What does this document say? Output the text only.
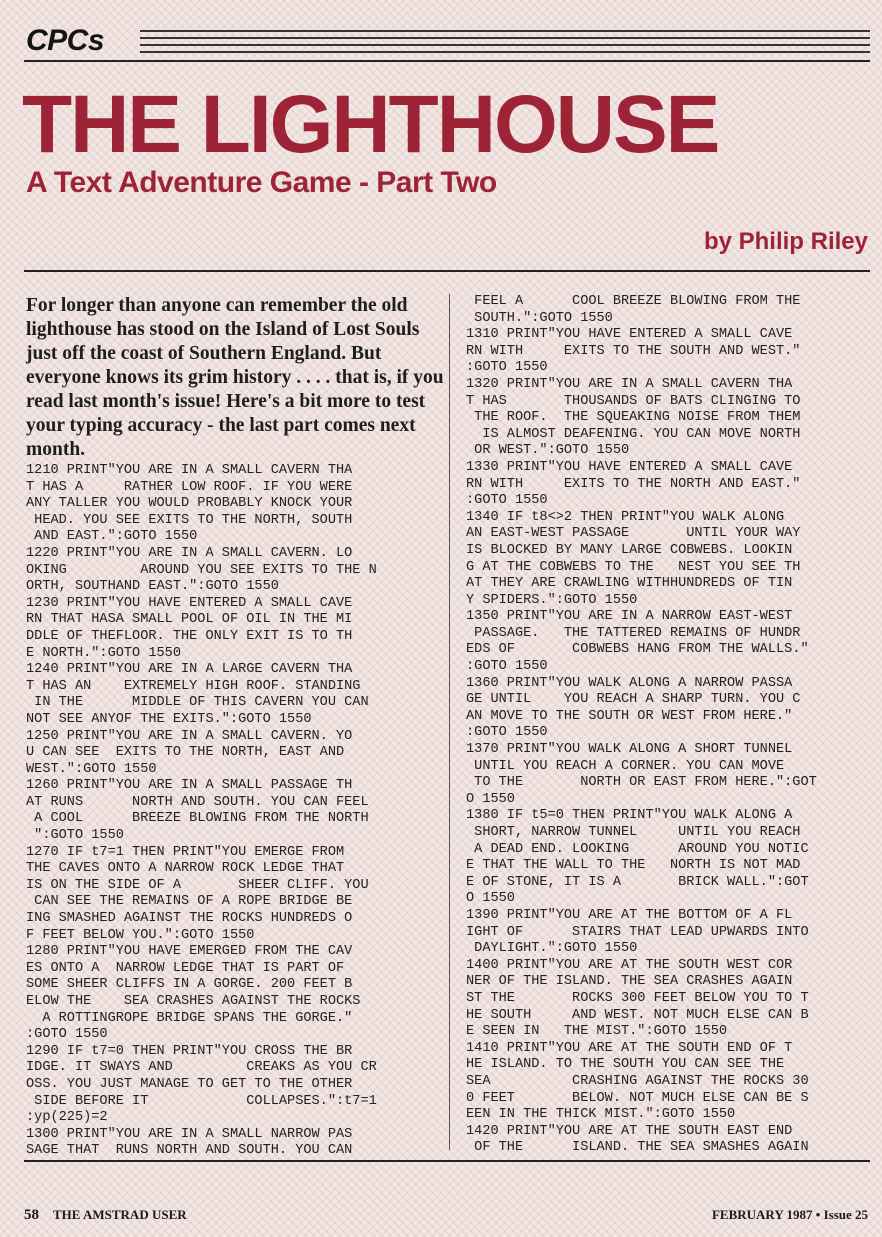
CPCs
THE LIGHTHOUSE
A Text Adventure Game - Part Two
by Philip Riley

For longer than anyone can remember the old lighthouse has stood on the Island of Lost Souls just off the coast of Southern England. But everyone knows its grim history . . . . that is, if you read last month's issue! Here's a bit more to test your typing accuracy - the last part comes next month.

1210 PRINT"YOU ARE IN A SMALL CAVERN THA
T HAS A     RATHER LOW ROOF. IF YOU WERE
ANY TALLER YOU WOULD PROBABLY KNOCK YOUR
HEAD. YOU SEE EXITS TO THE NORTH, SOUTH
AND EAST.":GOTO 1550
1220 PRINT"YOU ARE IN A SMALL CAVERN. LO
OKING         AROUND YOU SEE EXITS TO THE N
ORTH, SOUTHAND EAST.":GOTO 1550
1230 PRINT"YOU HAVE ENTERED A SMALL CAVE
RN THAT HASA SMALL POOL OF OIL IN THE MI
DDLE OF THEFLOOR. THE ONLY EXIT IS TO TH
E NORTH.":GOTO 1550
1240 PRINT"YOU ARE IN A LARGE CAVERN THA
T HAS AN    EXTREMELY HIGH ROOF. STANDING
IN THE      MIDDLE OF THIS CAVERN YOU CAN
NOT SEE ANYOF THE EXITS.":GOTO 1550
1250 PRINT"YOU ARE IN A SMALL CAVERN. YO
U CAN SEE  EXITS TO THE NORTH, EAST AND
WEST.":GOTO 1550
1260 PRINT"YOU ARE IN A SMALL PASSAGE TH
AT RUNS      NORTH AND SOUTH. YOU CAN FEEL
A COOL      BREEZE BLOWING FROM THE NORTH
":GOTO 1550
1270 IF t7=1 THEN PRINT"YOU EMERGE FROM
THE CAVES ONTO A NARROW ROCK LEDGE THAT
IS ON THE SIDE OF A       SHEER CLIFF. YOU
CAN SEE THE REMAINS OF A ROPE BRIDGE BE
ING SMASHED AGAINST THE ROCKS HUNDREDS O
F FEET BELOW YOU.":GOTO 1550
1280 PRINT"YOU HAVE EMERGED FROM THE CAV
ES ONTO A  NARROW LEDGE THAT IS PART OF
SOME SHEER CLIFFS IN A GORGE. 200 FEET B
ELOW THE    SEA CRASHES AGAINST THE ROCKS
A ROTTINGROPE BRIDGE SPANS THE GORGE."
:GOTO 1550
1290 IF t7=0 THEN PRINT"YOU CROSS THE BR
IDGE. IT SWAYS AND         CREAKS AS YOU CR
OSS. YOU JUST MANAGE TO GET TO THE OTHER
SIDE BEFORE IT            COLLAPSES.":t7=1
:yp(225)=2
1300 PRINT"YOU ARE IN A SMALL NARROW PAS
SAGE THAT  RUNS NORTH AND SOUTH. YOU CAN
FEEL A      COOL BREEZE BLOWING FROM THE
SOUTH.":GOTO 1550
1310 PRINT"YOU HAVE ENTERED A SMALL CAVE
RN WITH     EXITS TO THE SOUTH AND WEST."
:GOTO 1550
1320 PRINT"YOU ARE IN A SMALL CAVERN THA
T HAS       THOUSANDS OF BATS CLINGING TO
THE ROOF.  THE SQUEAKING NOISE FROM THEM
IS ALMOST DEAFENING. YOU CAN MOVE NORTH
OR WEST.":GOTO 1550
1330 PRINT"YOU HAVE ENTERED A SMALL CAVE
RN WITH     EXITS TO THE NORTH AND EAST."
:GOTO 1550
1340 IF t8<>2 THEN PRINT"YOU WALK ALONG
AN EAST-WEST PASSAGE       UNTIL YOUR WAY
IS BLOCKED BY MANY LARGE COBWEBS. LOOKIN
G AT THE COBWEBS TO THE   NEST YOU SEE TH
AT THEY ARE CRAWLING WITHHUNDREDS OF TIN
Y SPIDERS.":GOTO 1550
1350 PRINT"YOU ARE IN A NARROW EAST-WEST
PASSAGE.   THE TATTERED REMAINS OF HUNDR
EDS OF       COBWEBS HANG FROM THE WALLS."
:GOTO 1550
1360 PRINT"YOU WALK ALONG A NARROW PASSA
GE UNTIL    YOU REACH A SHARP TURN. YOU C
AN MOVE TO THE SOUTH OR WEST FROM HERE."
:GOTO 1550
1370 PRINT"YOU WALK ALONG A SHORT TUNNEL
UNTIL YOU REACH A CORNER. YOU CAN MOVE
TO THE       NORTH OR EAST FROM HERE.":GOT
O 1550
1380 IF t5=0 THEN PRINT"YOU WALK ALONG A
SHORT, NARROW TUNNEL     UNTIL YOU REACH
A DEAD END. LOOKING      AROUND YOU NOTIC
E THAT THE WALL TO THE   NORTH IS NOT MAD
E OF STONE, IT IS A       BRICK WALL.":GOT
O 1550
1390 PRINT"YOU ARE AT THE BOTTOM OF A FL
IGHT OF      STAIRS THAT LEAD UPWARDS INTO
DAYLIGHT.":GOTO 1550
1400 PRINT"YOU ARE AT THE SOUTH WEST COR
NER OF THE ISLAND. THE SEA CRASHES AGAIN
ST THE       ROCKS 300 FEET BELOW YOU TO T
HE SOUTH     AND WEST. NOT MUCH ELSE CAN B
E SEEN IN   THE MIST.":GOTO 1550
1410 PRINT"YOU ARE AT THE SOUTH END OF T
HE ISLAND. TO THE SOUTH YOU CAN SEE THE
SEA          CRASHING AGAINST THE ROCKS 30
0 FEET       BELOW. NOT MUCH ELSE CAN BE S
EEN IN THE THICK MIST.":GOTO 1550
1420 PRINT"YOU ARE AT THE SOUTH EAST END
OF THE      ISLAND. THE SEA SMASHES AGAIN
58 THE AMSTRAD USER	FEBRUARY 1987 • Issue 25
